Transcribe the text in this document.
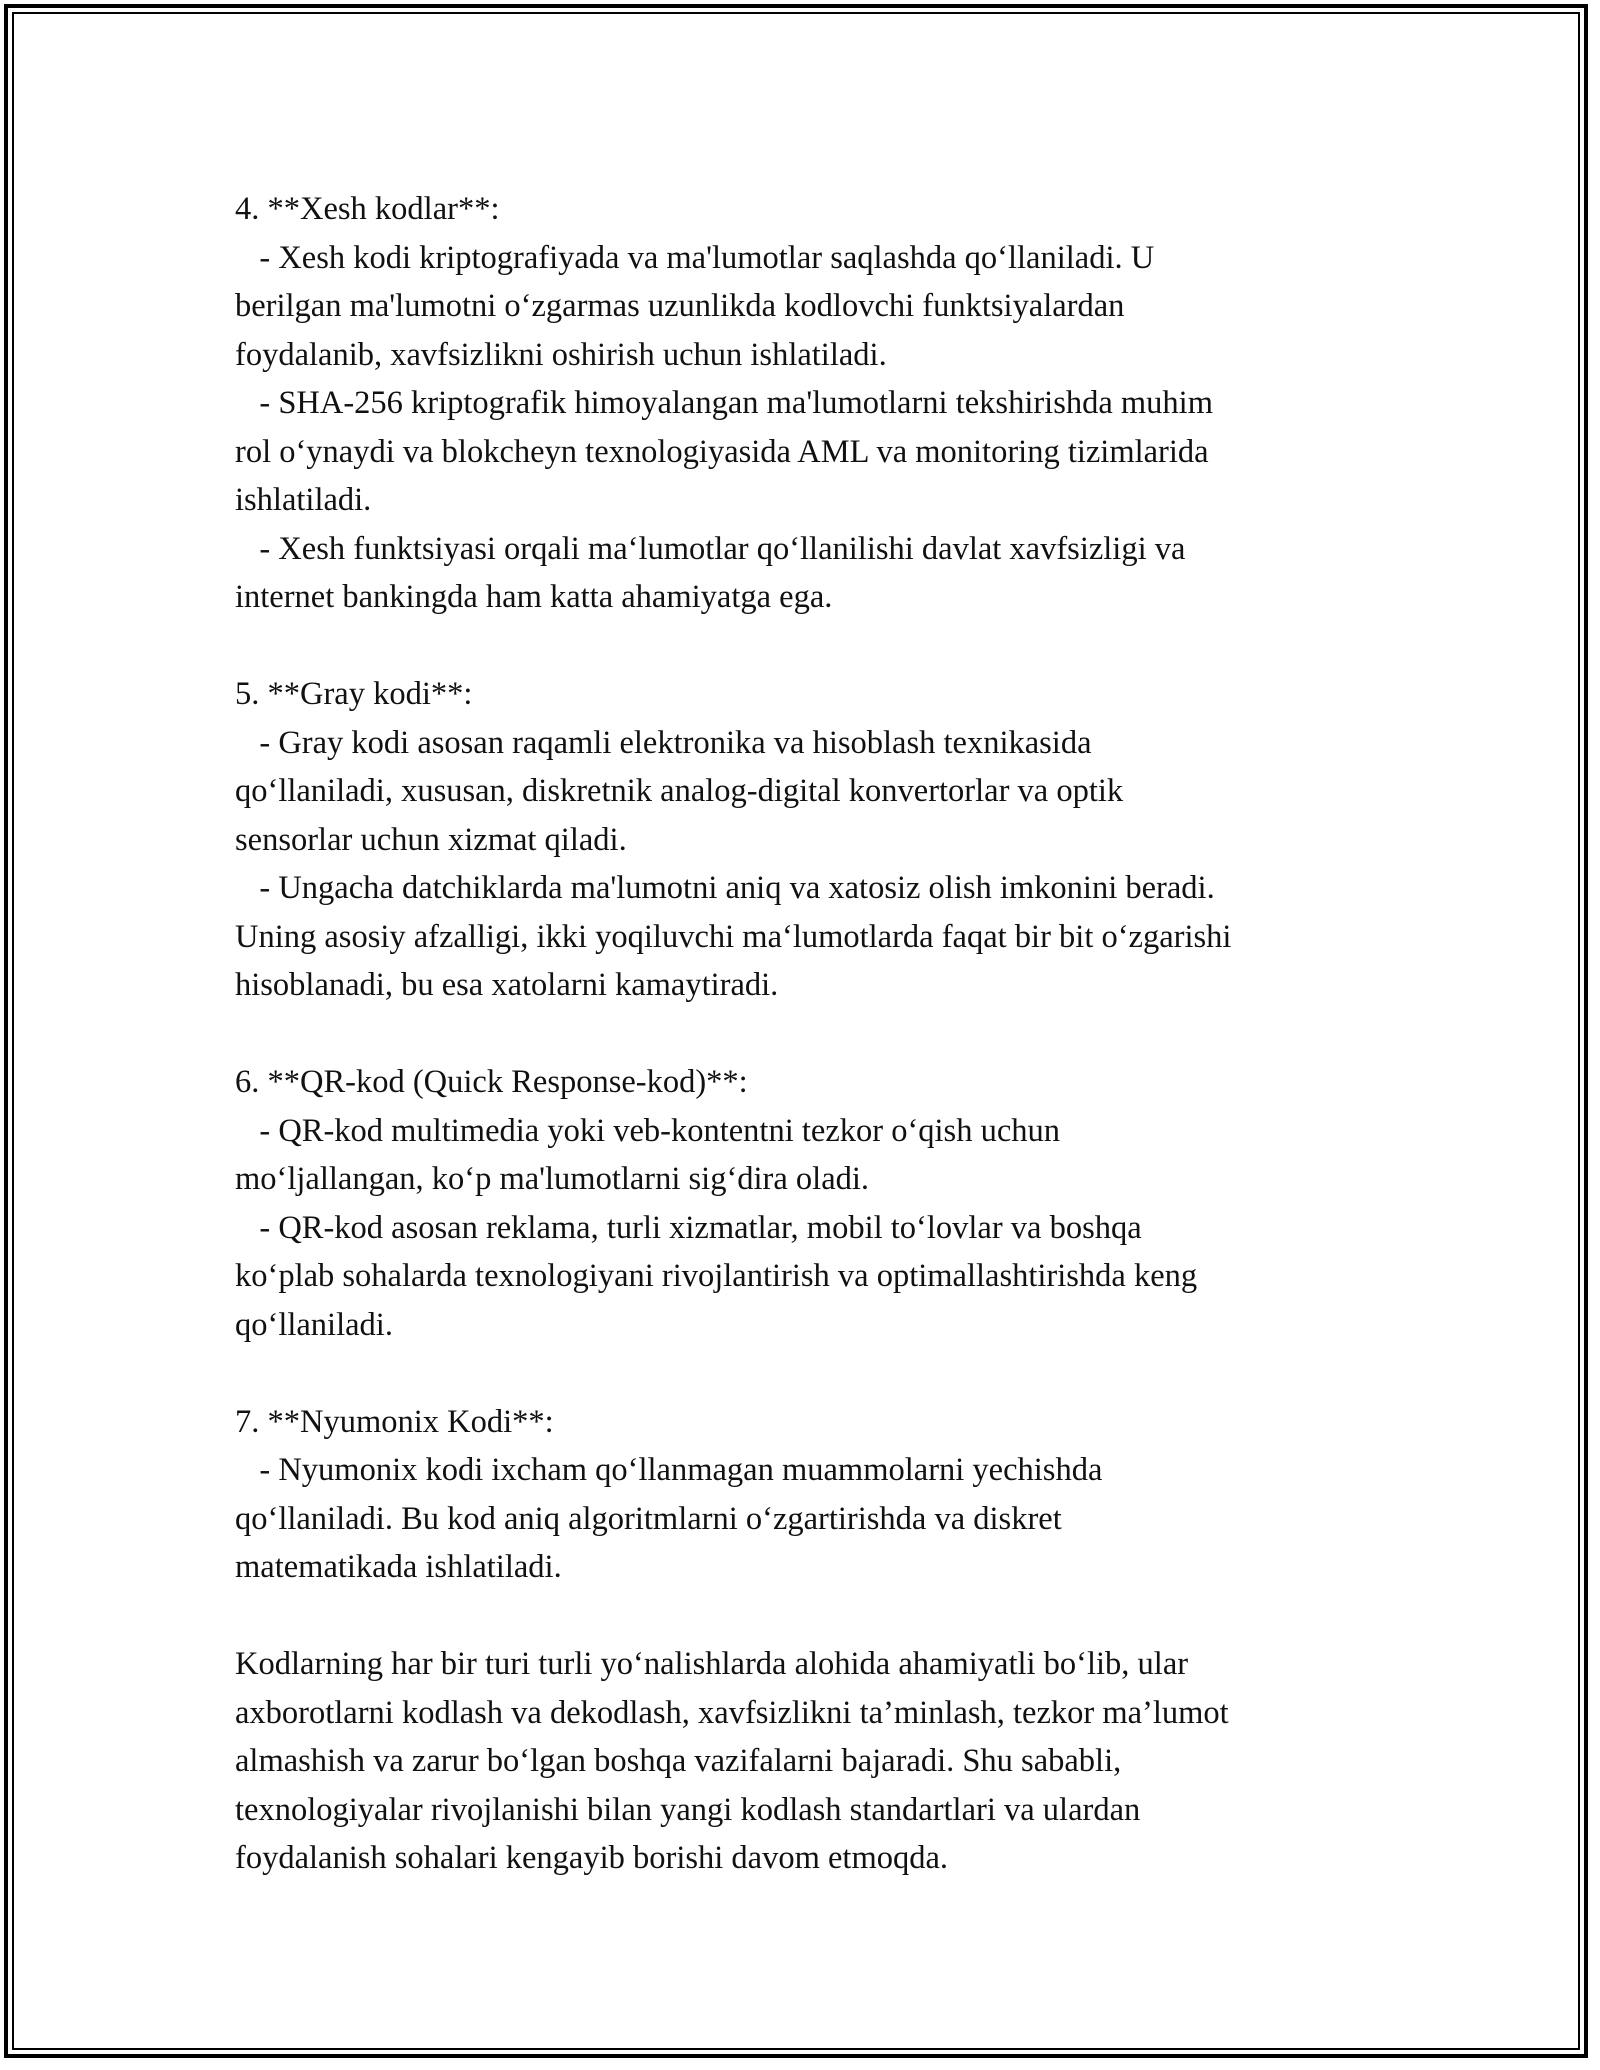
4. **Xesh kodlar**:
- Xesh kodi kriptografiyada va ma'lumotlar saqlashda qo‘llaniladi. U
berilgan ma'lumotni o‘zgarmas uzunlikda kodlovchi funktsiyalardan
foydalanib, xavfsizlikni oshirish uchun ishlatiladi.
- SHA-256 kriptografik himoyalangan ma'lumotlarni tekshirishda muhim
rol o‘ynaydi va blokcheyn texnologiyasida AML va monitoring tizimlarida
ishlatiladi.
- Xesh funktsiyasi orqali ma‘lumotlar qo‘llanilishi davlat xavfsizligi va
internet bankingda ham katta ahamiyatga ega.
5. **Gray kodi**:
- Gray kodi asosan raqamli elektronika va hisoblash texnikasida
qo‘llaniladi, xususan, diskretnik analog-digital konvertorlar va optik
sensorlar uchun xizmat qiladi.
- Ungacha datchiklarda ma'lumotni aniq va xatosiz olish imkonini beradi.
Uning asosiy afzalligi, ikki yoqiluvchi ma‘lumotlarda faqat bir bit o‘zgarishi
hisoblanadi, bu esa xatolarni kamaytiradi.
6. **QR-kod (Quick Response-kod)**:
- QR-kod multimedia yoki veb-kontentni tezkor o‘qish uchun
mo‘ljallangan, ko‘p ma'lumotlarni sig‘dira oladi.
- QR-kod asosan reklama, turli xizmatlar, mobil to‘lovlar va boshqa
ko‘plab sohalarda texnologiyani rivojlantirish va optimallashtirishda keng
qo‘llaniladi.
7. **Nyumonix Kodi**:
- Nyumonix kodi ixcham qo‘llanmagan muammolarni yechishda
qo‘llaniladi. Bu kod aniq algoritmlarni o‘zgartirishda va diskret
matematikada ishlatiladi.
Kodlarning har bir turi turli yo‘nalishlarda alohida ahamiyatli bo‘lib, ular
axborotlarni kodlash va dekodlash, xavfsizlikni ta’minlash, tezkor ma’lumot
almashish va zarur bo‘lgan boshqa vazifalarni bajaradi. Shu sababli,
texnologiyalar rivojlanishi bilan yangi kodlash standartlari va ulardan
foydalanish sohalari kengayib borishi davom etmoqda.
